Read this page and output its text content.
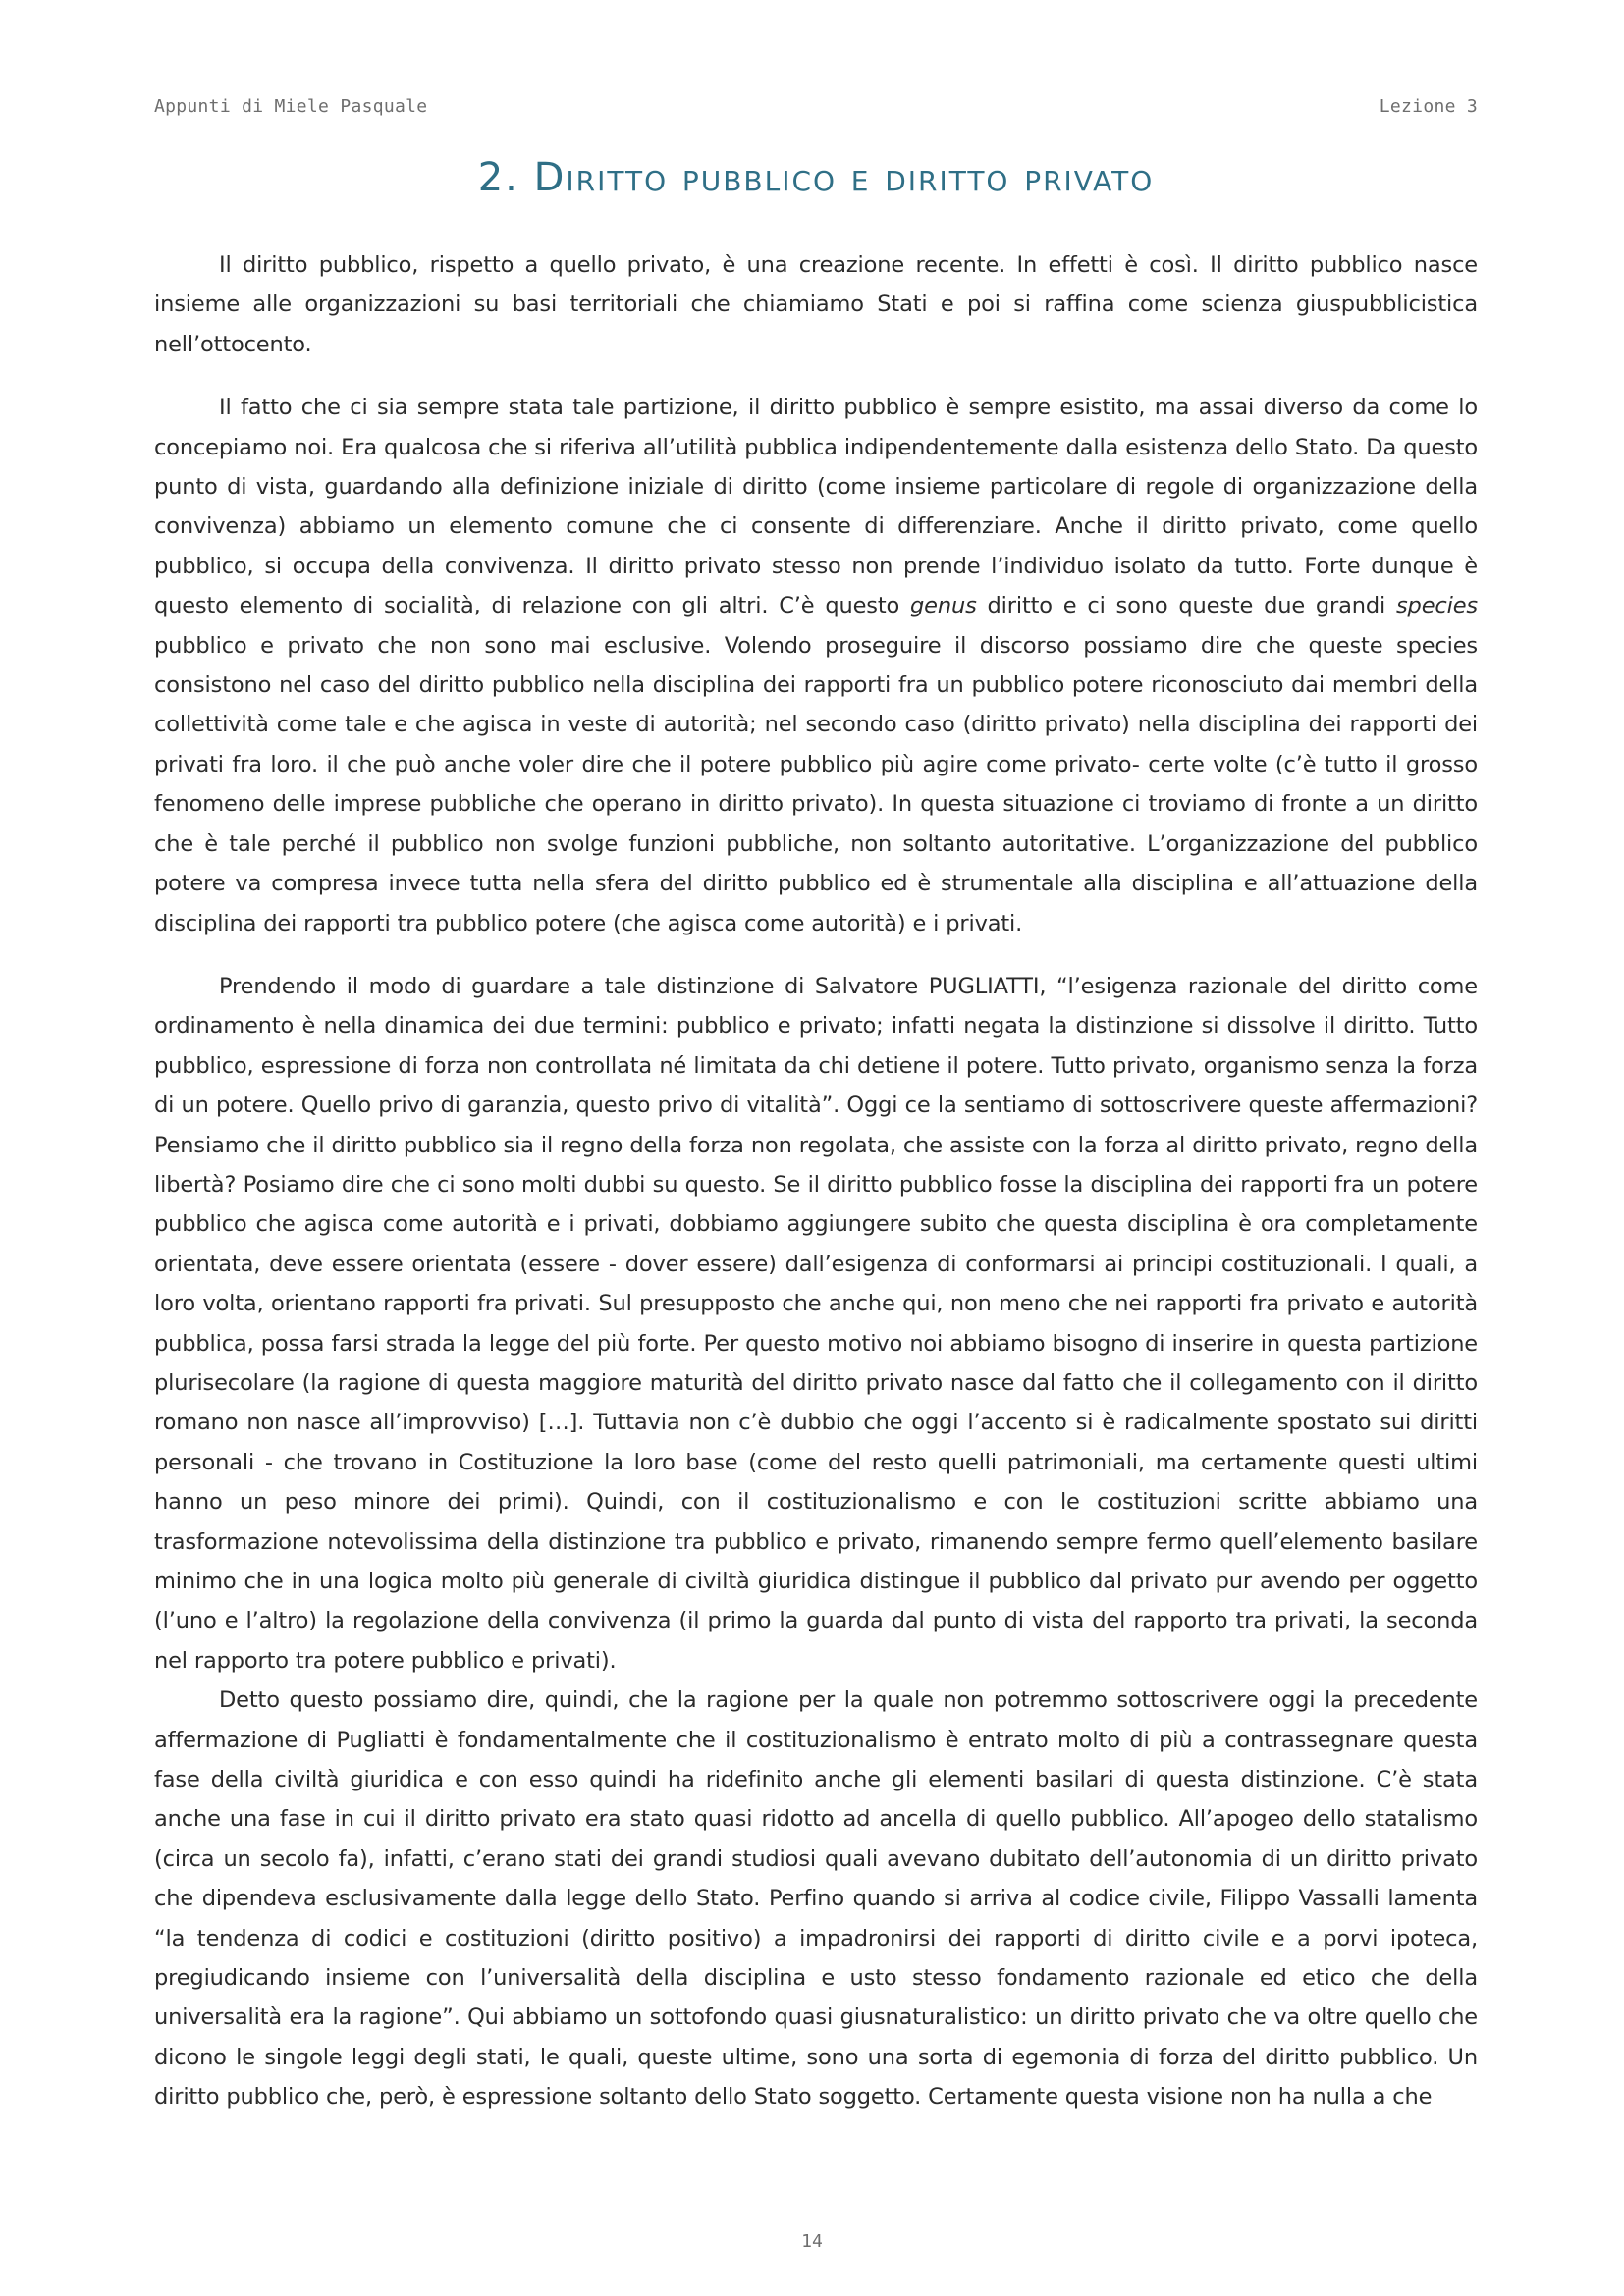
Appunti di Miele Pasquale	Lezione 3
2. Diritto pubblico e diritto privato

Il diritto pubblico, rispetto a quello privato, è una creazione recente. In effetti è così. Il diritto pubblico nasce insieme alle organizzazioni su basi territoriali che chiamiamo Stati e poi si raffina come scienza giuspubblicistica nell’ottocento.

Il fatto che ci sia sempre stata tale partizione, il diritto pubblico è sempre esistito, ma assai diverso da come lo concepiamo noi. Era qualcosa che si riferiva all’utilità pubblica indipendentemente dalla esistenza dello Stato. Da questo punto di vista, guardando alla definizione iniziale di diritto (come insieme particolare di regole di organizzazione della convivenza) abbiamo un elemento comune che ci consente di differenziare. Anche il diritto privato, come quello pubblico, si occupa della convivenza. Il diritto privato stesso non prende l’individuo isolato da tutto. Forte dunque è questo elemento di socialità, di relazione con gli altri. C’è questo genus diritto e ci sono queste due grandi species pubblico e privato che non sono mai esclusive. Volendo proseguire il discorso possiamo dire che queste species consistono nel caso del diritto pubblico nella disciplina dei rapporti fra un pubblico potere riconosciuto dai membri della collettività come tale e che agisca in veste di autorità; nel secondo caso (diritto privato) nella disciplina dei rapporti dei privati fra loro. il che può anche voler dire che il potere pubblico più agire come privato- certe volte (c’è tutto il grosso fenomeno delle imprese pubbliche che operano in diritto privato). In questa situazione ci troviamo di fronte a un diritto che è tale perché il pubblico non svolge funzioni pubbliche, non soltanto autoritative. L’organizzazione del pubblico potere va compresa invece tutta nella sfera del diritto pubblico ed è strumentale alla disciplina e all’attuazione della disciplina dei rapporti tra pubblico potere (che agisca come autorità) e i privati.

Prendendo il modo di guardare a tale distinzione di Salvatore PUGLIATTI, “l’esigenza razionale del diritto come ordinamento è nella dinamica dei due termini: pubblico e privato; infatti negata la distinzione si dissolve il diritto. Tutto pubblico, espressione di forza non controllata né limitata da chi detiene il potere. Tutto privato, organismo senza la forza di un potere. Quello privo di garanzia, questo privo di vitalità”. Oggi ce la sentiamo di sottoscrivere queste affermazioni? Pensiamo che il diritto pubblico sia il regno della forza non regolata, che assiste con la forza al diritto privato, regno della libertà? Posiamo dire che ci sono molti dubbi su questo. Se il diritto pubblico fosse la disciplina dei rapporti fra un potere pubblico che agisca come autorità e i privati, dobbiamo aggiungere subito che questa disciplina è ora completamente orientata, deve essere orientata (essere - dover essere) dall’esigenza di conformarsi ai principi costituzionali. I quali, a loro volta, orientano rapporti fra privati. Sul presupposto che anche qui, non meno che nei rapporti fra privato e autorità pubblica, possa farsi strada la legge del più forte. Per questo motivo noi abbiamo bisogno di inserire in questa partizione plurisecolare (la ragione di questa maggiore maturità del diritto privato nasce dal fatto che il collegamento con il diritto romano non nasce all’improvviso) […]. Tuttavia non c’è dubbio che oggi l’accento si è radicalmente spostato sui diritti personali - che trovano in Costituzione la loro base (come del resto quelli patrimoniali, ma certamente questi ultimi hanno un peso minore dei primi). Quindi, con il costituzionalismo e con le costituzioni scritte abbiamo una trasformazione notevolissima della distinzione tra pubblico e privato, rimanendo sempre fermo quell’elemento basilare minimo che in una logica molto più generale di civiltà giuridica distingue il pubblico dal privato pur avendo per oggetto (l’uno e l’altro) la regolazione della convivenza (il primo la guarda dal punto di vista del rapporto tra privati, la seconda nel rapporto tra potere pubblico e privati).

Detto questo possiamo dire, quindi, che la ragione per la quale non potremmo sottoscrivere oggi la precedente affermazione di Pugliatti è fondamentalmente che il costituzionalismo è entrato molto di più a contrassegnare questa fase della civiltà giuridica e con esso quindi ha ridefinito anche gli elementi basilari di questa distinzione. C’è stata anche una fase in cui il diritto privato era stato quasi ridotto ad ancella di quello pubblico. All’apogeo dello statalismo (circa un secolo fa), infatti, c’erano stati dei grandi studiosi quali avevano dubitato dell’autonomia di un diritto privato che dipendeva esclusivamente dalla legge dello Stato. Perfino quando si arriva al codice civile, Filippo Vassalli lamenta “la tendenza di codici e costituzioni (diritto positivo) a impadronirsi dei rapporti di diritto civile e a porvi ipoteca, pregiudicando insieme con l’universalità della disciplina e usto stesso fondamento razionale ed etico che della universalità era la ragione”. Qui abbiamo un sottofondo quasi giusnaturalistico: un diritto privato che va oltre quello che dicono le singole leggi degli stati, le quali, queste ultime, sono una sorta di egemonia di forza del diritto pubblico. Un diritto pubblico che, però, è espressione soltanto dello Stato soggetto. Certamente questa visione non ha nulla a che

14
